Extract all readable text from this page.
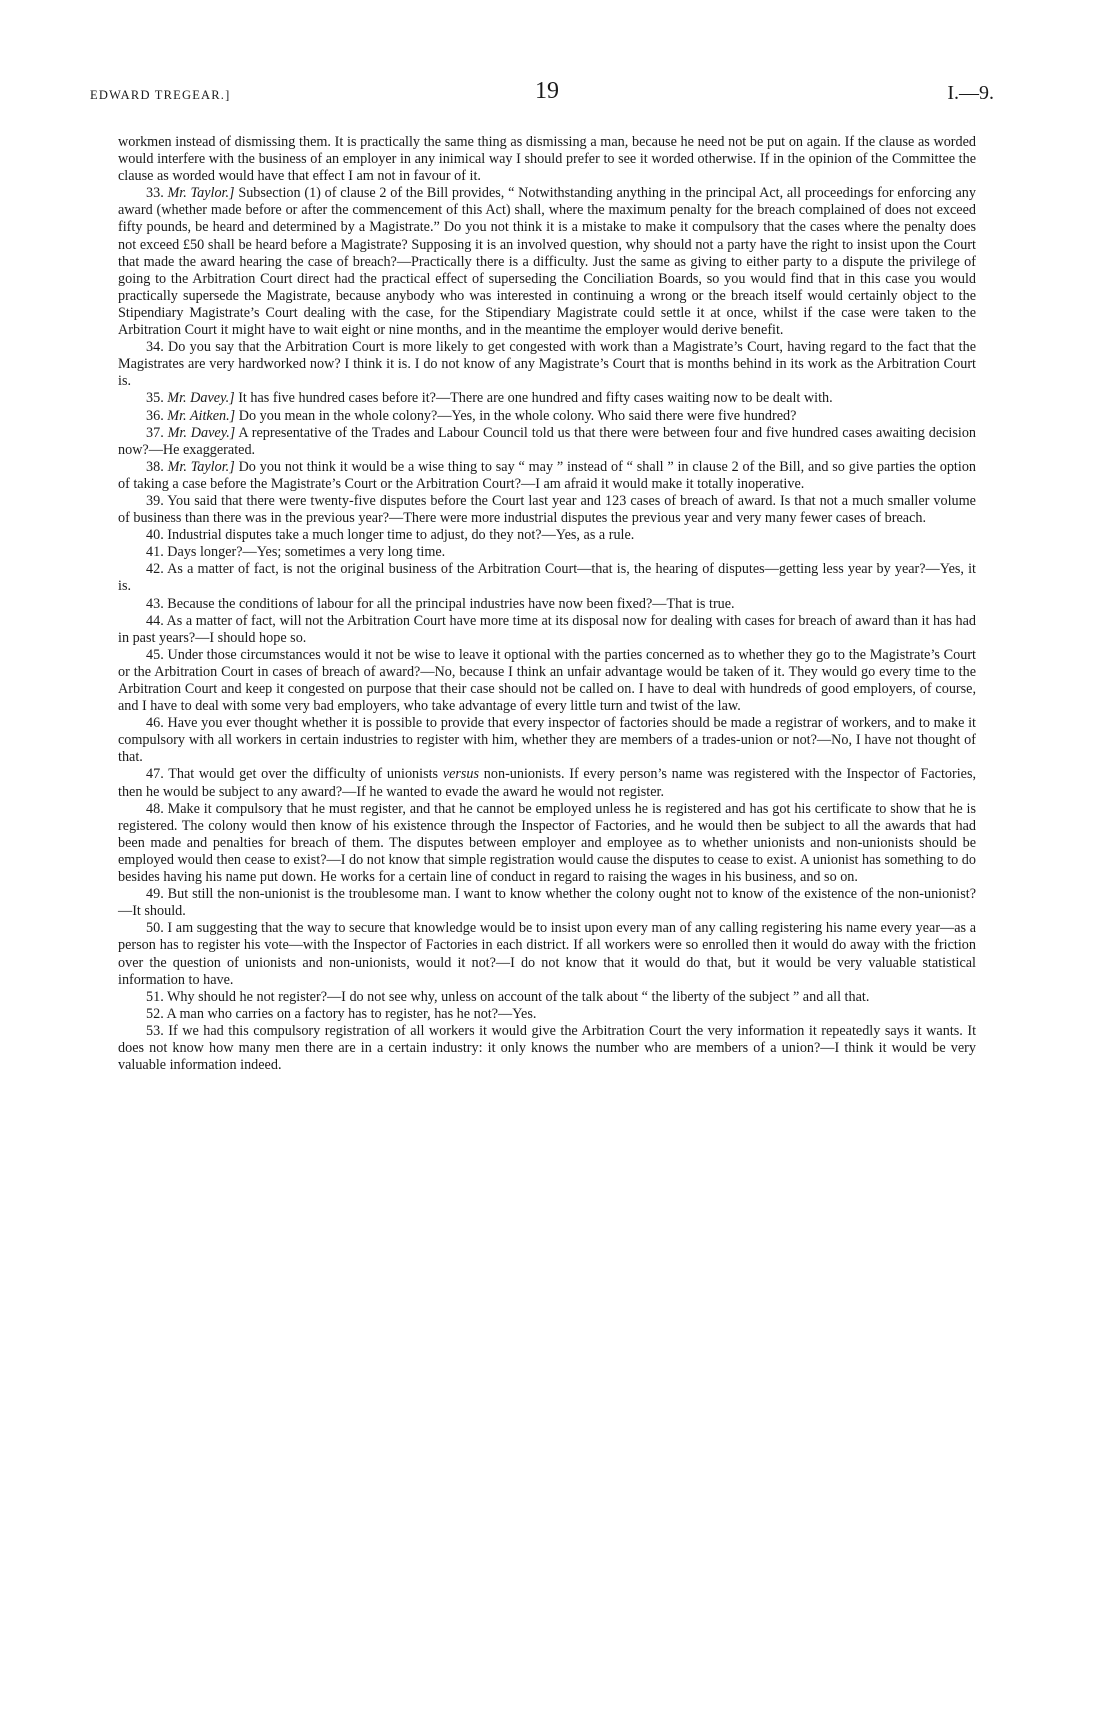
EDWARD TREGEAR.]	19	I.—9.

workmen instead of dismissing them. It is practically the same thing as dismissing a man, because he need not be put on again. If the clause as worded would interfere with the business of an employer in any inimical way I should prefer to see it worded otherwise. If in the opinion of the Committee the clause as worded would have that effect I am not in favour of it.

33. Mr. Taylor.] Subsection (1) of clause 2 of the Bill provides, “ Notwithstanding anything in the principal Act, all proceedings for enforcing any award (whether made before or after the commencement of this Act) shall, where the maximum penalty for the breach complained of does not exceed fifty pounds, be heard and determined by a Magistrate.” Do you not think it is a mistake to make it compulsory that the cases where the penalty does not exceed £50 shall be heard before a Magistrate? Supposing it is an involved question, why should not a party have the right to insist upon the Court that made the award hearing the case of breach?—Practically there is a difficulty. Just the same as giving to either party to a dispute the privilege of going to the Arbitration Court direct had the practical effect of superseding the Conciliation Boards, so you would find that in this case you would practically supersede the Magistrate, because anybody who was interested in continuing a wrong or the breach itself would certainly object to the Stipendiary Magistrate’s Court dealing with the case, for the Stipendiary Magistrate could settle it at once, whilst if the case were taken to the Arbitration Court it might have to wait eight or nine months, and in the meantime the employer would derive benefit.

34. Do you say that the Arbitration Court is more likely to get congested with work than a Magistrate’s Court, having regard to the fact that the Magistrates are very hardworked now? I think it is. I do not know of any Magistrate’s Court that is months behind in its work as the Arbitration Court is.

35. Mr. Davey.] It has five hundred cases before it?—There are one hundred and fifty cases waiting now to be dealt with.

36. Mr. Aitken.] Do you mean in the whole colony?—Yes, in the whole colony. Who said there were five hundred?

37. Mr. Davey.] A representative of the Trades and Labour Council told us that there were between four and five hundred cases awaiting decision now?—He exaggerated.

38. Mr. Taylor.] Do you not think it would be a wise thing to say “ may ” instead of “ shall ” in clause 2 of the Bill, and so give parties the option of taking a case before the Magistrate’s Court or the Arbitration Court?—I am afraid it would make it totally inoperative.

39. You said that there were twenty-five disputes before the Court last year and 123 cases of breach of award. Is that not a much smaller volume of business than there was in the previous year?—There were more industrial disputes the previous year and very many fewer cases of breach.

40. Industrial disputes take a much longer time to adjust, do they not?—Yes, as a rule.

41. Days longer?—Yes; sometimes a very long time.

42. As a matter of fact, is not the original business of the Arbitration Court—that is, the hearing of disputes—getting less year by year?—Yes, it is.

43. Because the conditions of labour for all the principal industries have now been fixed?—That is true.

44. As a matter of fact, will not the Arbitration Court have more time at its disposal now for dealing with cases for breach of award than it has had in past years?—I should hope so.

45. Under those circumstances would it not be wise to leave it optional with the parties concerned as to whether they go to the Magistrate’s Court or the Arbitration Court in cases of breach of award?—No, because I think an unfair advantage would be taken of it. They would go every time to the Arbitration Court and keep it congested on purpose that their case should not be called on. I have to deal with hundreds of good employers, of course, and I have to deal with some very bad employers, who take advantage of every little turn and twist of the law.

46. Have you ever thought whether it is possible to provide that every inspector of factories should be made a registrar of workers, and to make it compulsory with all workers in certain industries to register with him, whether they are members of a trades-union or not?—No, I have not thought of that.

47. That would get over the difficulty of unionists versus non-unionists. If every person’s name was registered with the Inspector of Factories, then he would be subject to any award?—If he wanted to evade the award he would not register.

48. Make it compulsory that he must register, and that he cannot be employed unless he is registered and has got his certificate to show that he is registered. The colony would then know of his existence through the Inspector of Factories, and he would then be subject to all the awards that had been made and penalties for breach of them. The disputes between employer and employee as to whether unionists and non-unionists should be employed would then cease to exist?—I do not know that simple registration would cause the disputes to cease to exist. A unionist has something to do besides having his name put down. He works for a certain line of conduct in regard to raising the wages in his business, and so on.

49. But still the non-unionist is the troublesome man. I want to know whether the colony ought not to know of the existence of the non-unionist?—It should.

50. I am suggesting that the way to secure that knowledge would be to insist upon every man of any calling registering his name every year—as a person has to register his vote—with the Inspector of Factories in each district. If all workers were so enrolled then it would do away with the friction over the question of unionists and non-unionists, would it not?—I do not know that it would do that, but it would be very valuable statistical information to have.

51. Why should he not register?—I do not see why, unless on account of the talk about “ the liberty of the subject ” and all that.

52. A man who carries on a factory has to register, has he not?—Yes.

53. If we had this compulsory registration of all workers it would give the Arbitration Court the very information it repeatedly says it wants. It does not know how many men there are in a certain industry: it only knows the number who are members of a union?—I think it would be very valuable information indeed.
